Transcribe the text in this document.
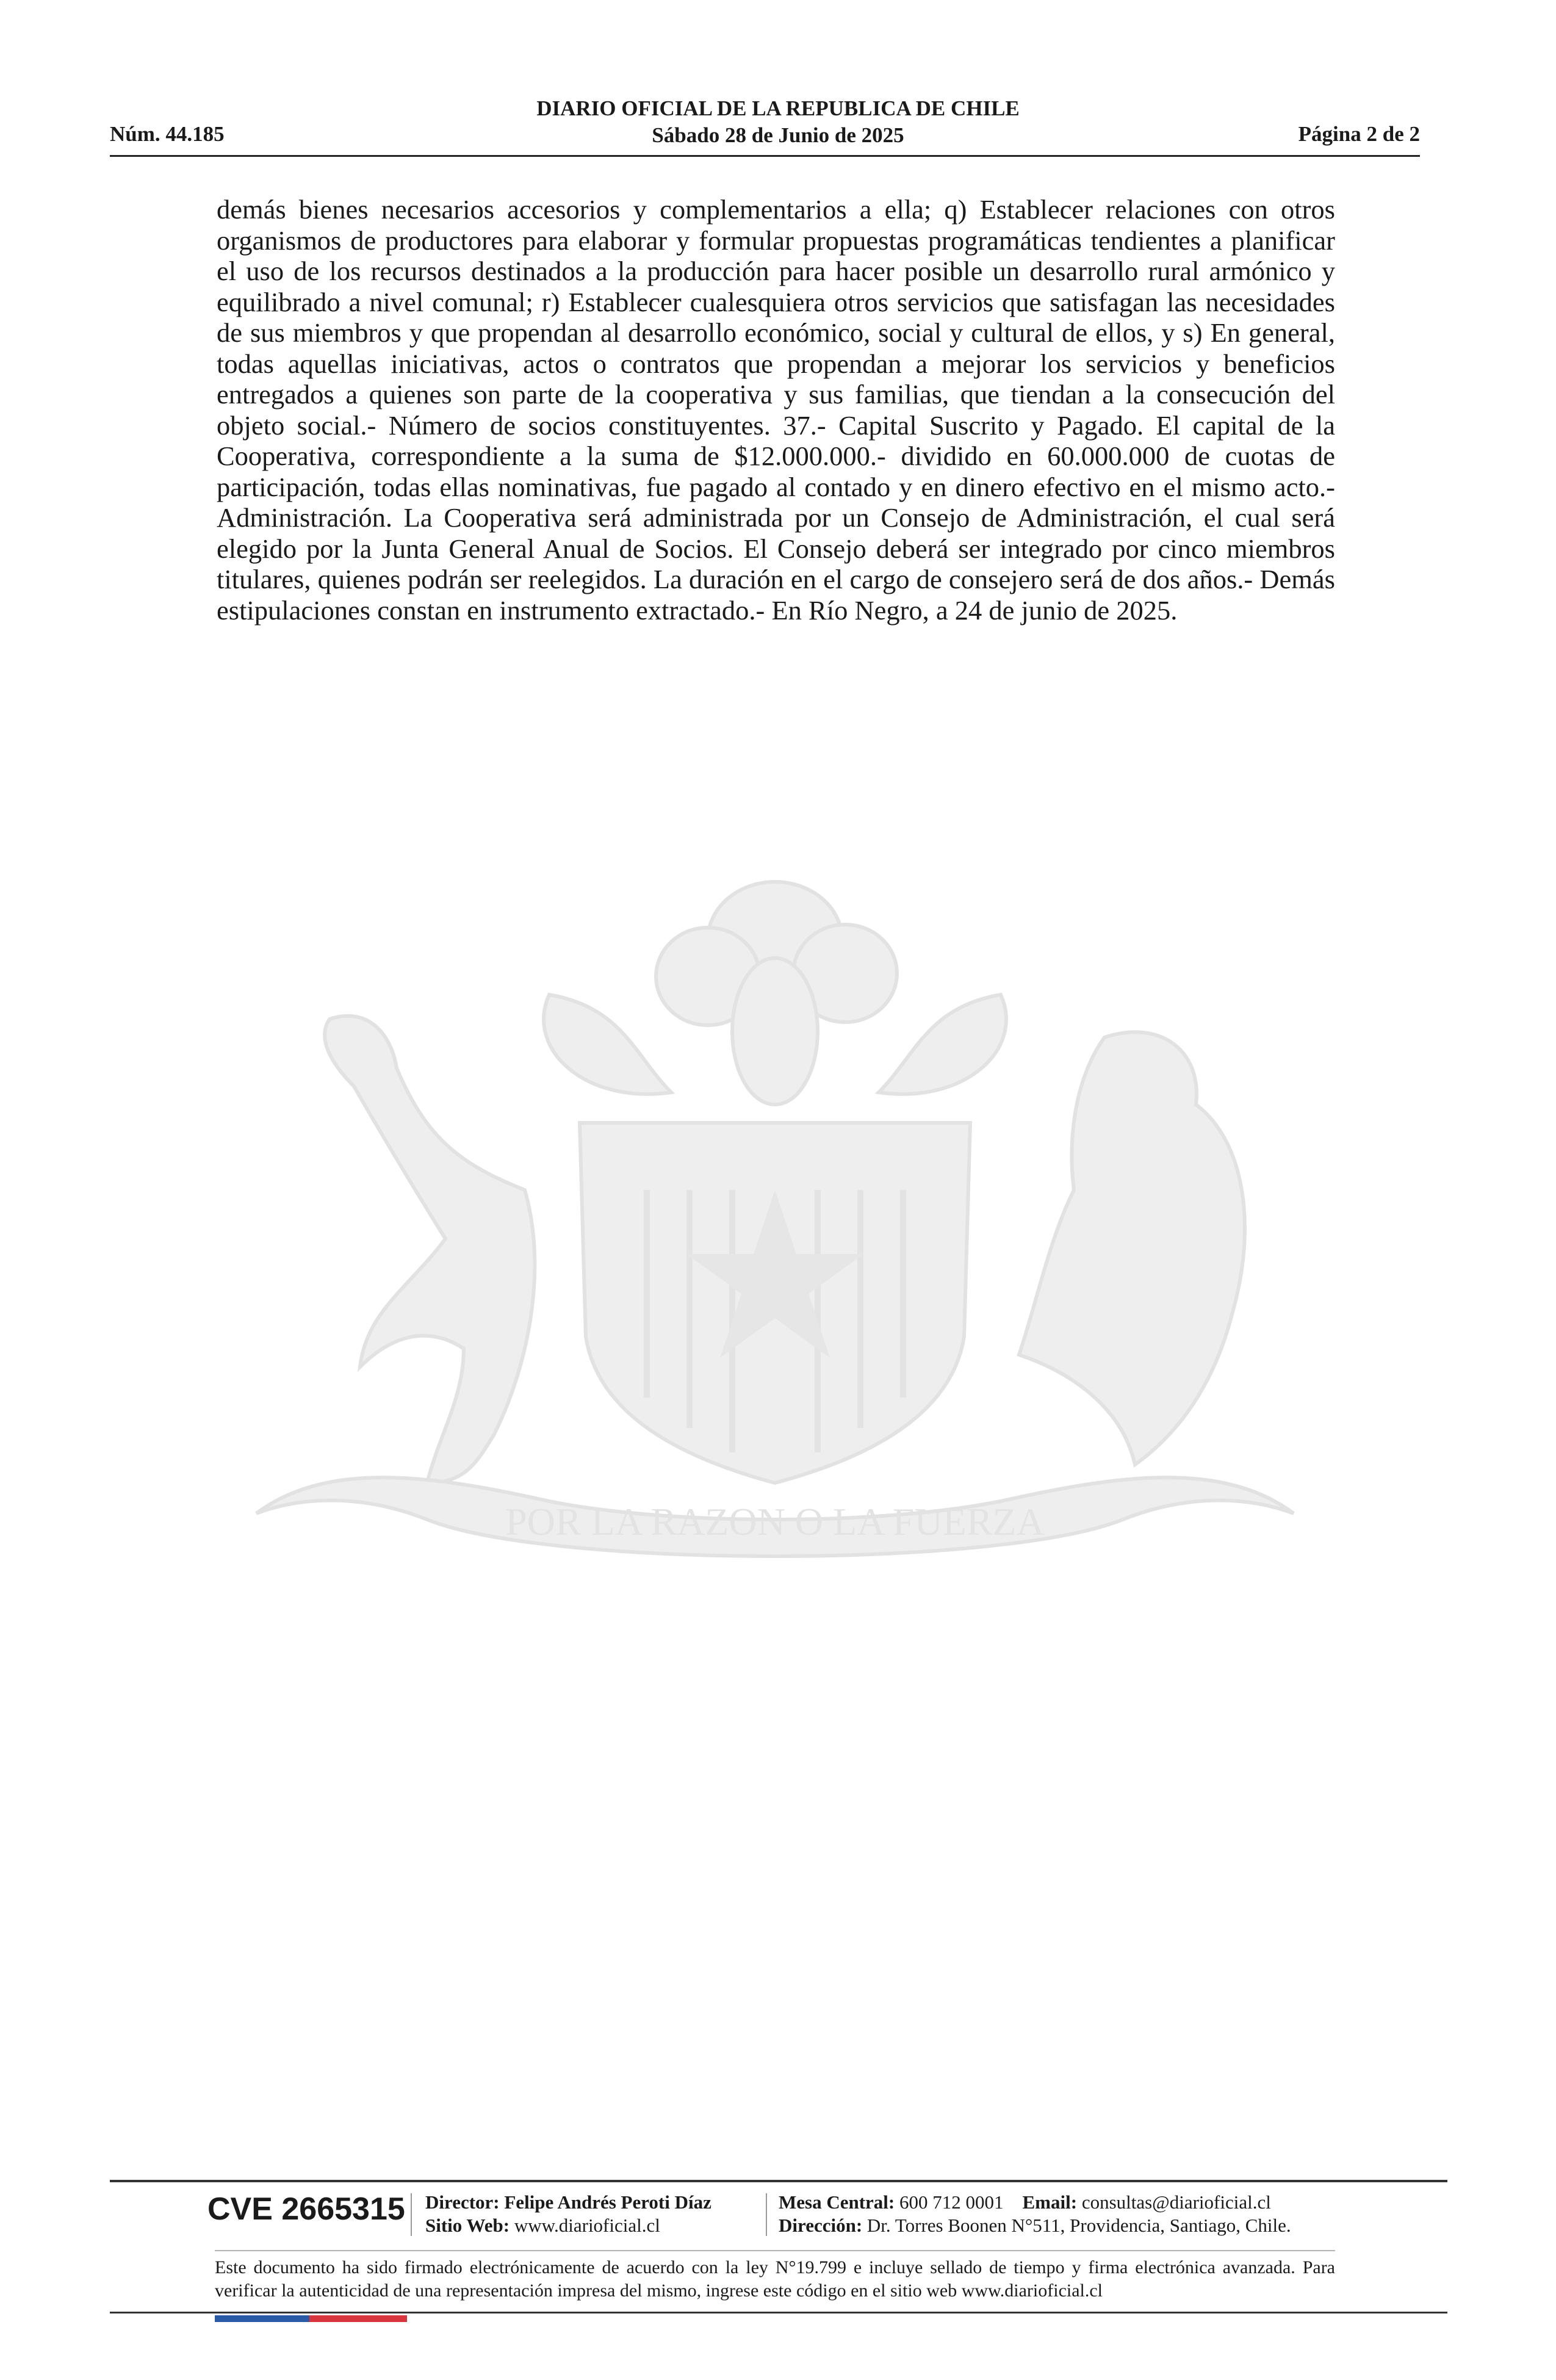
DIARIO OFICIAL DE LA REPUBLICA DE CHILE
Sábado 28 de Junio de 2025
Núm. 44.185	Página 2 de 2
POR LA RAZON O LA FUERZA

demás bienes necesarios accesorios y complementarios a ella; q) Establecer relaciones con otros organismos de productores para elaborar y formular propuestas programáticas tendientes a planificar el uso de los recursos destinados a la producción para hacer posible un desarrollo rural armónico y equilibrado a nivel comunal; r) Establecer cualesquiera otros servicios que satisfagan las necesidades de sus miembros y que propendan al desarrollo económico, social y cultural de ellos, y s) En general, todas aquellas iniciativas, actos o contratos que propendan a mejorar los servicios y beneficios entregados a quienes son parte de la cooperativa y sus familias, que tiendan a la consecución del objeto social.- Número de socios constituyentes. 37.- Capital Suscrito y Pagado. El capital de la Cooperativa, correspondiente a la suma de $12.000.000.- dividido en 60.000.000 de cuotas de participación, todas ellas nominativas, fue pagado al contado y en dinero efectivo en el mismo acto.- Administración. La Cooperativa será administrada por un Consejo de Administración, el cual será elegido por la Junta General Anual de Socios. El Consejo deberá ser integrado por cinco miembros titulares, quienes podrán ser reelegidos. La duración en el cargo de consejero será de dos años.- Demás estipulaciones constan en instrumento extractado.- En Río Negro, a 24 de junio de 2025.

CVE 2665315 Director: Felipe Andrés Peroti Díaz
Sitio Web: www.diarioficial.cl
Mesa Central: 600 712 0001 Email: consultas@diarioficial.cl
Dirección: Dr. Torres Boonen N°511, Providencia, Santiago, Chile.

Este documento ha sido firmado electrónicamente de acuerdo con la ley N°19.799 e incluye sellado de tiempo y firma electrónica avanzada. Para verificar la autenticidad de una representación impresa del mismo, ingrese este código en el sitio web www.diarioficial.cl
